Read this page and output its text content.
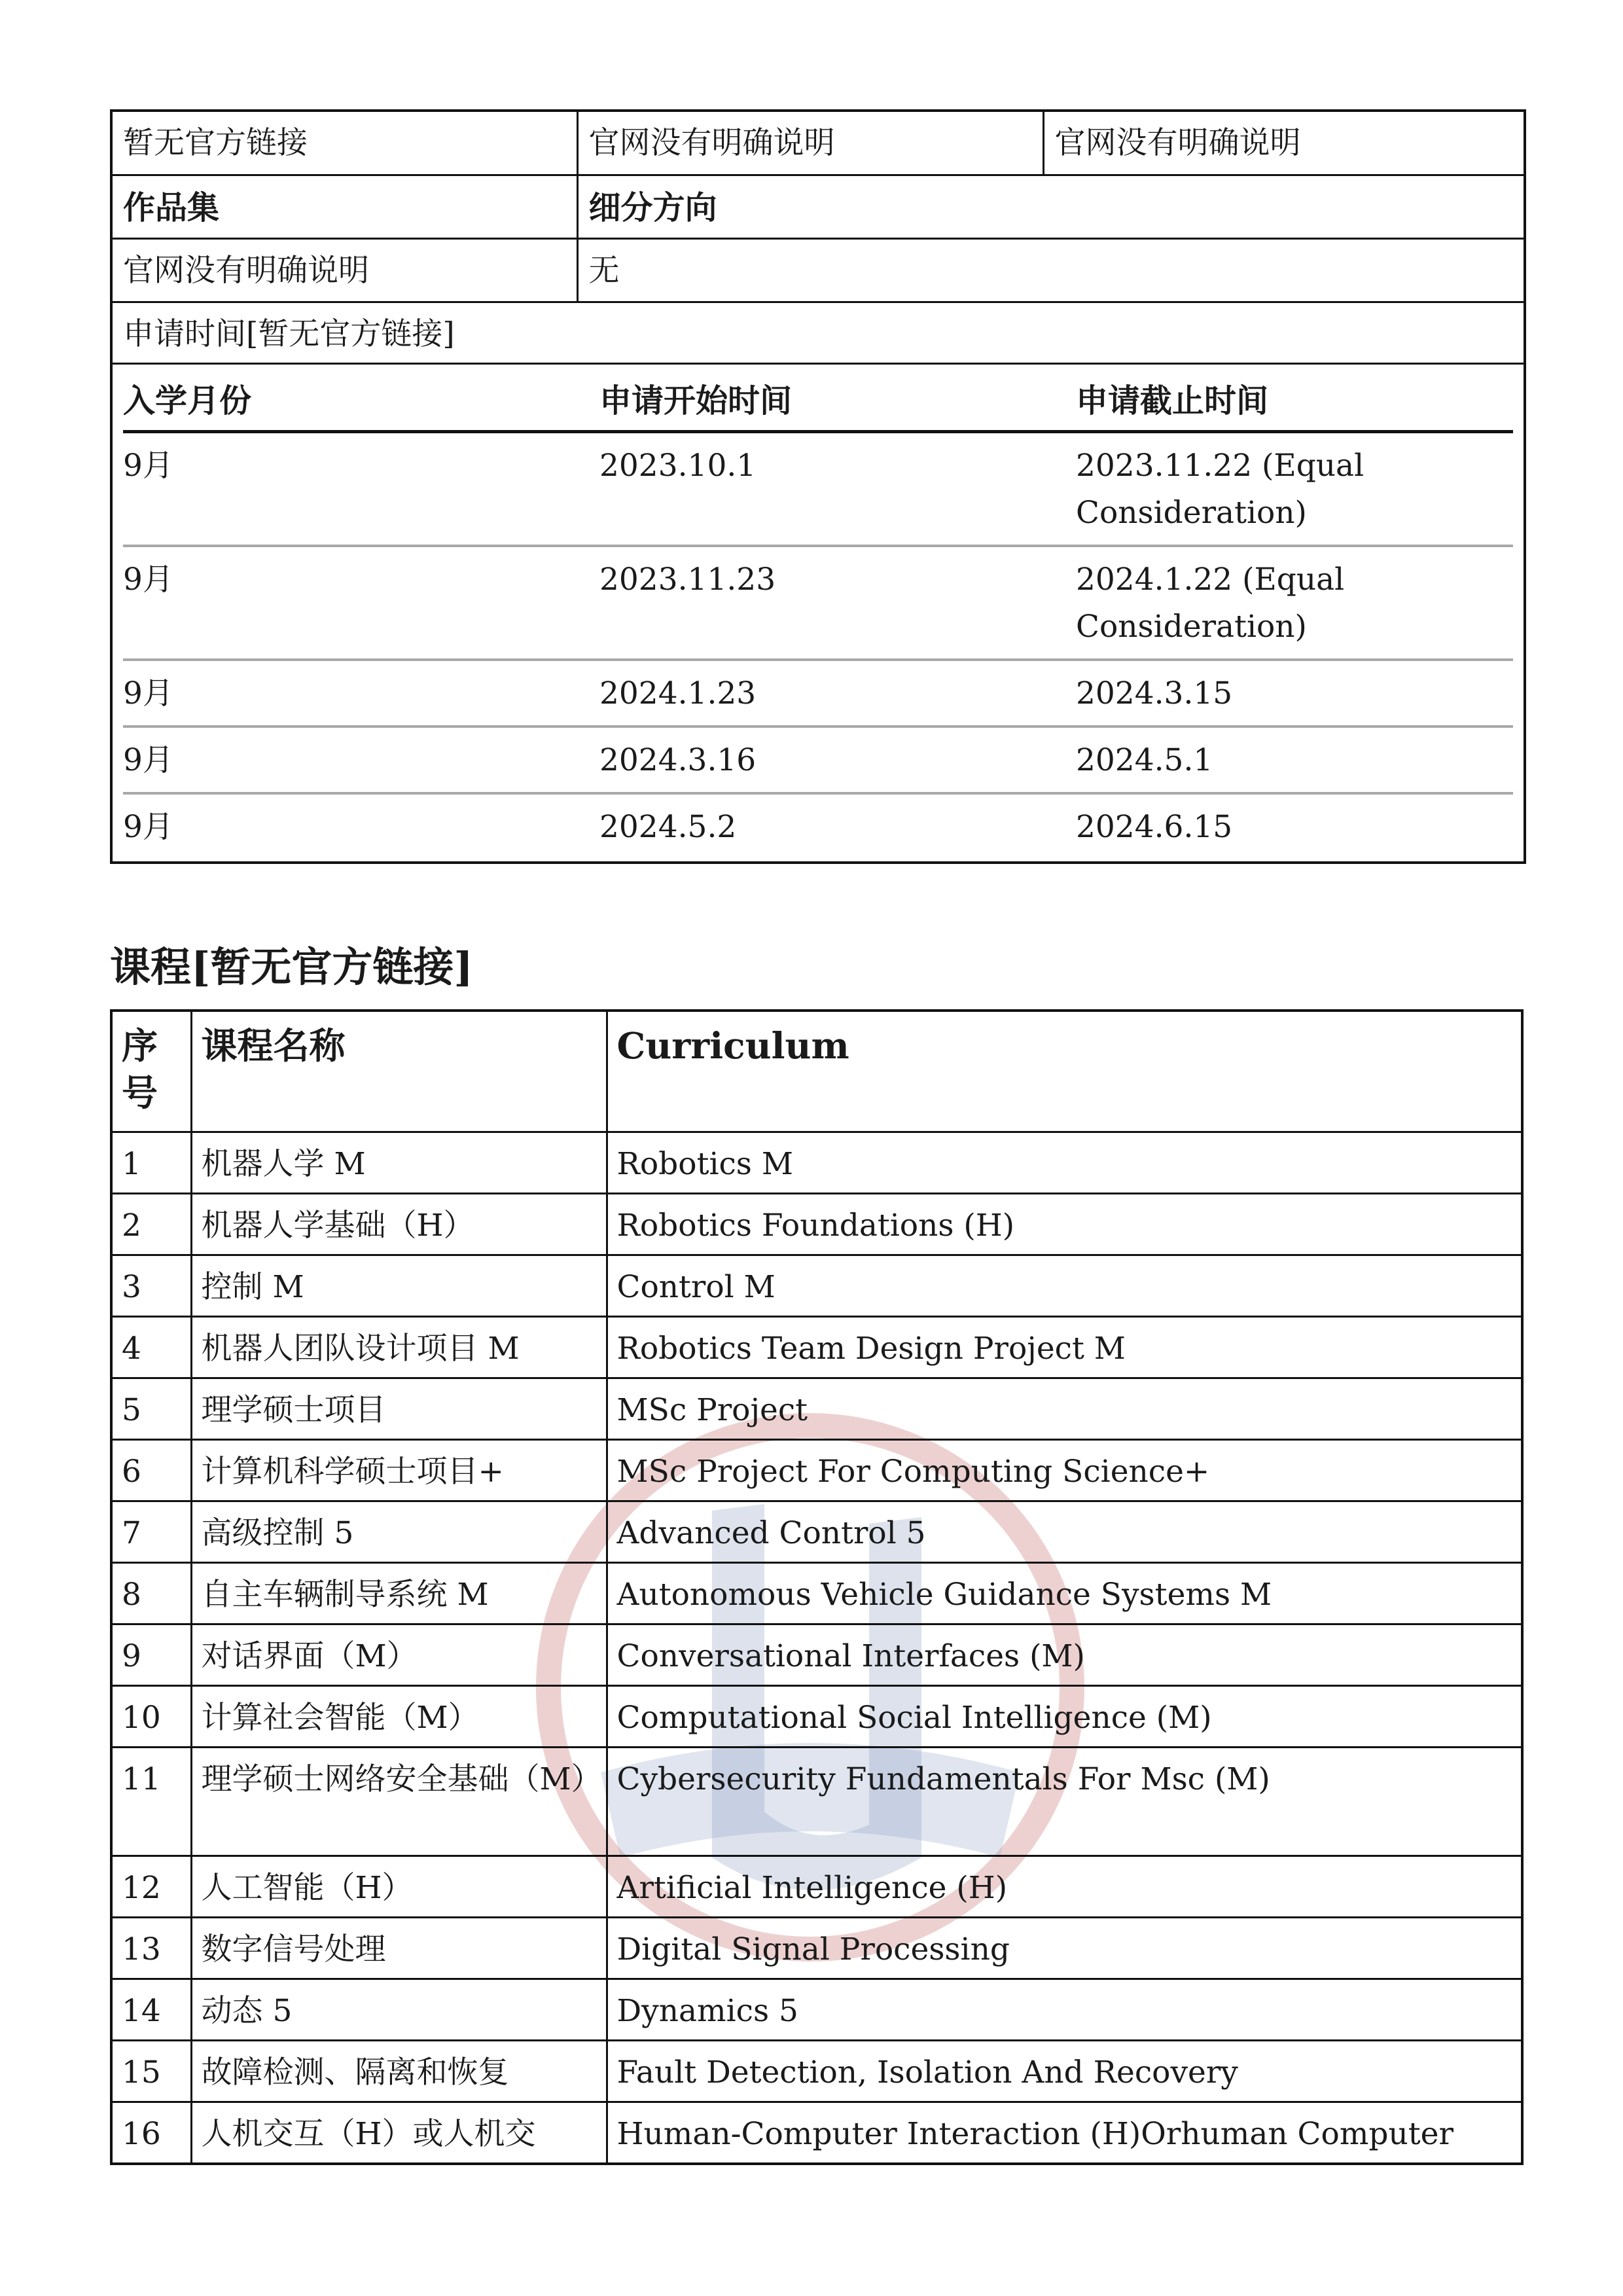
暂无官方链接	官网没有明确说明	官网没有明确说明
作品集	细分方向
官网没有明确说明	无
申请时间[暂无官方链接]

入学月份	申请开始时间	申请截止时间
9月	2023.10.1	2023.11.22 (Equal Consideration)
9月	2023.11.23	2024.1.22 (Equal Consideration)
9月	2024.1.23	2024.3.15
9月	2024.3.16	2024.5.1
9月	2024.5.2	2024.6.15
课程[暂无官方链接]
序号	课程名称	Curriculum
1	机器人学 M	Robotics M
2	机器人学基础（H）	Robotics Foundations (H)
3	控制 M	Control M
4	机器人团队设计项目 M	Robotics Team Design Project M
5	理学硕士项目	MSc Project
6	计算机科学硕士项目+	MSc Project For Computing Science+
7	高级控制 5	Advanced Control 5
8	自主车辆制导系统 M	Autonomous Vehicle Guidance Systems M
9	对话界面（M）	Conversational Interfaces (M)
10	计算社会智能（M）	Computational Social Intelligence (M)
11	理学硕士网络安全基础（M）	Cybersecurity Fundamentals For Msc (M)
12	人工智能（H）	Artificial Intelligence (H)
13	数字信号处理	Digital Signal Processing
14	动态 5	Dynamics 5
15	故障检测、隔离和恢复	Fault Detection, Isolation And Recovery
16	人机交互（H）或人机交	Human-Computer Interaction (H)Orhuman Computer
